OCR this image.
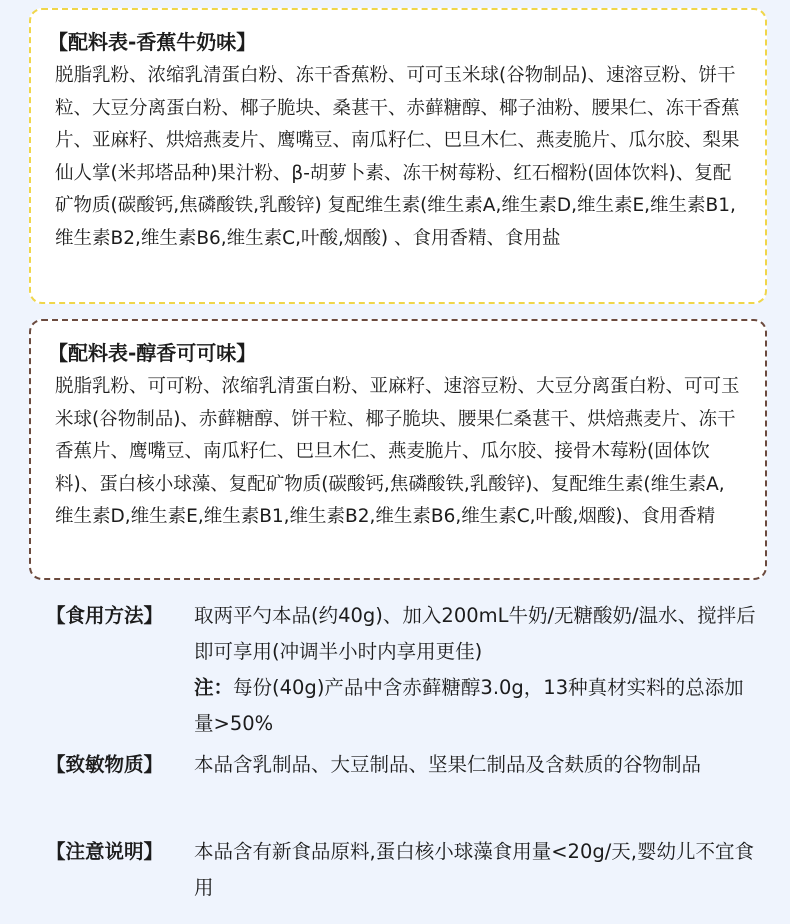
【配料表-香蕉牛奶味】
脱脂乳粉、浓缩乳清蛋白粉、冻干香蕉粉、可可玉米球(谷物制品)、速溶豆粉、饼干粒、大豆分离蛋白粉、椰子脆块、桑葚干、赤藓糖醇、椰子油粉、腰果仁、冻干香蕉片、亚麻籽、烘焙燕麦片、鹰嘴豆、南瓜籽仁、巴旦木仁、燕麦脆片、瓜尔胶、梨果仙人掌(米邦塔品种)果汁粉、β-胡萝卜素、冻干树莓粉、红石榴粉(固体饮料)、复配矿物质(碳酸钙,焦磷酸铁,乳酸锌) 复配维生素(维生素A,维生素D,维生素E,维生素B1,维生素B2,维生素B6,维生素C,叶酸,烟酸) 、食用香精、食用盐
【配料表-醇香可可味】
脱脂乳粉、可可粉、浓缩乳清蛋白粉、亚麻籽、速溶豆粉、大豆分离蛋白粉、可可玉米球(谷物制品)、赤藓糖醇、饼干粒、椰子脆块、腰果仁桑葚干、烘焙燕麦片、冻干香蕉片、鹰嘴豆、南瓜籽仁、巴旦木仁、燕麦脆片、瓜尔胶、接骨木莓粉(固体饮料)、蛋白核小球藻、复配矿物质(碳酸钙,焦磷酸铁,乳酸锌)、复配维生素(维生素A,维生素D,维生素E,维生素B1,维生素B2,维生素B6,维生素C,叶酸,烟酸)、食用香精
【食用方法】	取两平勺本品(约40g)、加入200mL牛奶/无糖酸奶/温水、搅拌后即可享用(冲调半小时内享用更佳)
注：每份(40g)产品中含赤藓糖醇3.0g，13种真材实料的总添加量>50%
【致敏物质】	本品含乳制品、大豆制品、坚果仁制品及含麸质的谷物制品
【注意说明】	本品含有新食品原料,蛋白核小球藻食用量<20g/天,婴幼儿不宜食用
